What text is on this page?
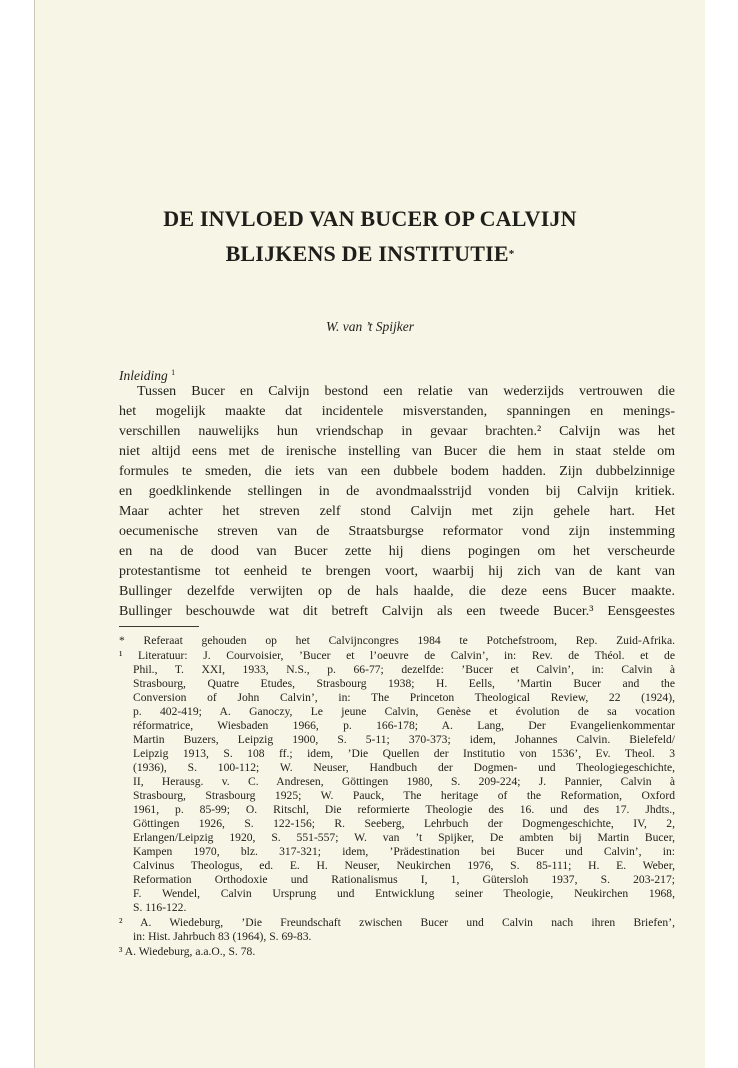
DE INVLOED VAN BUCER OP CALVIJN
BLIJKENS DE INSTITUTIE*
W. van ’t Spijker
Inleiding $^1$
Tussen Bucer en Calvijn bestond een relatie van wederzijds vertrouwen die
het mogelijk maakte dat incidentele misverstanden, spanningen en menings-
verschillen nauwelijks hun vriendschap in gevaar brachten.² Calvijn was het
niet altijd eens met de irenische instelling van Bucer die hem in staat stelde om
formules te smeden, die iets van een dubbele bodem hadden. Zijn dubbelzinnige
en goedklinkende stellingen in de avondmaalsstrijd vonden bij Calvijn kritiek.
Maar achter het streven zelf stond Calvijn met zijn gehele hart. Het
oecumenische streven van de Straatsburgse reformator vond zijn instemming
en na de dood van Bucer zette hij diens pogingen om het verscheurde
protestantisme tot eenheid te brengen voort, waarbij hij zich van de kant van
Bullinger dezelfde verwijten op de hals haalde, die deze eens Bucer maakte.
Bullinger beschouwde wat dit betreft Calvijn als een tweede Bucer.³ Eensgeestes
* Referaat gehouden op het Calvijncongres 1984 te Potchefstroom, Rep. Zuid-Afrika.
¹ Literatuur: J. Courvoisier, ’Bucer et l’oeuvre de Calvin’, in: Rev. de Théol. et de
Phil., T. XXI, 1933, N.S., p. 66-77; dezelfde: ’Bucer et Calvin’, in: Calvin à
Strasbourg, Quatre Etudes, Strasbourg 1938; H. Eells, ’Martin Bucer and the
Conversion of John Calvin’, in: The Princeton Theological Review, 22 (1924),
p. 402-419; A. Ganoczy, Le jeune Calvin, Genèse et évolution de sa vocation
réformatrice, Wiesbaden 1966, p. 166-178; A. Lang, Der Evangelienkommentar
Martin Buzers, Leipzig 1900, S. 5-11; 370-373; idem, Johannes Calvin. Bielefeld/
Leipzig 1913, S. 108 ff.; idem, ’Die Quellen der Institutio von 1536’, Ev. Theol. 3
(1936), S. 100-112; W. Neuser, Handbuch der Dogmen- und Theologiegeschichte,
II, Herausg. v. C. Andresen, Göttingen 1980, S. 209-224; J. Pannier, Calvin à
Strasbourg, Strasbourg 1925; W. Pauck, The heritage of the Reformation, Oxford
1961, p. 85-99; O. Ritschl, Die reformierte Theologie des 16. und des 17. Jhdts.,
Göttingen 1926, S. 122-156; R. Seeberg, Lehrbuch der Dogmengeschichte, IV, 2,
Erlangen/Leipzig 1920, S. 551-557; W. van ’t Spijker, De ambten bij Martin Bucer,
Kampen 1970, blz. 317-321; idem, ’Prädestination bei Bucer und Calvin’, in:
Calvinus Theologus, ed. E. H. Neuser, Neukirchen 1976, S. 85-111; H. E. Weber,
Reformation Orthodoxie und Rationalismus I, 1, Gütersloh 1937, S. 203-217;
F. Wendel, Calvin Ursprung und Entwicklung seiner Theologie, Neukirchen 1968,
S. 116-122.
² A. Wiedeburg, ’Die Freundschaft zwischen Bucer und Calvin nach ihren Briefen’,
in: Hist. Jahrbuch 83 (1964), S. 69-83.
³ A. Wiedeburg, a.a.O., S. 78.
